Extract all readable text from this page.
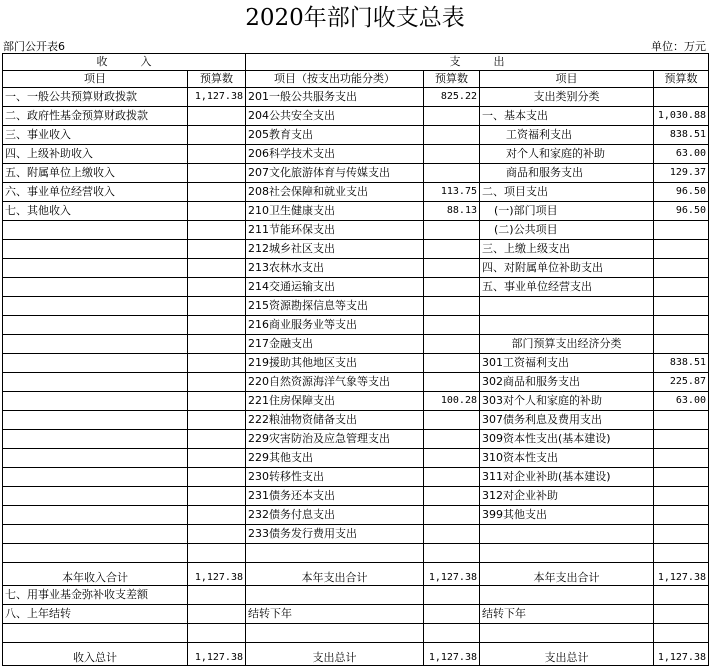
2020年部门收支总表
部门公开表6	单位：万元
收　　　入		支　　　出			
项目	预算数	项目（按支出功能分类）	预算数	项目	预算数
一、一般公共预算财政拨款	1,127.38	201一般公共服务支出	825.22	支出类别分类	
二、政府性基金预算财政拨款		204公共安全支出		一、基本支出	1,030.88
三、事业收入		205教育支出		工资福利支出	838.51
四、上级补助收入		206科学技术支出		对个人和家庭的补助	63.00
五、附属单位上缴收入		207文化旅游体育与传媒支出		商品和服务支出	129.37
六、事业单位经营收入		208社会保障和就业支出	113.75	二、项目支出	96.50
七、其他收入		210卫生健康支出	88.13	(一)部门项目	96.50
		211节能环保支出		(二)公共项目	
		212城乡社区支出		三、上缴上级支出	
		213农林水支出		四、对附属单位补助支出	
		214交通运输支出		五、事业单位经营支出	
		215资源勘探信息等支出			
		216商业服务业等支出			
		217金融支出		部门预算支出经济分类	
		219援助其他地区支出		301工资福利支出	838.51
		220自然资源海洋气象等支出		302商品和服务支出	225.87
		221住房保障支出	100.28	303对个人和家庭的补助	63.00
		222粮油物资储备支出		307债务利息及费用支出	
		229灾害防治及应急管理支出		309资本性支出(基本建设)	
		229其他支出		310资本性支出	
		230转移性支出		311对企业补助(基本建设)	
		231债务还本支出		312对企业补助	
		232债务付息支出		399其他支出	
		233债务发行费用支出			

本年收入合计	1,127.38	本年支出合计	1,127.38	本年支出合计	1,127.38
七、用事业基金弥补收支差额					
八、上年结转		结转下年		结转下年	

收入总计	1,127.38	支出总计	1,127.38	支出总计	1,127.38
